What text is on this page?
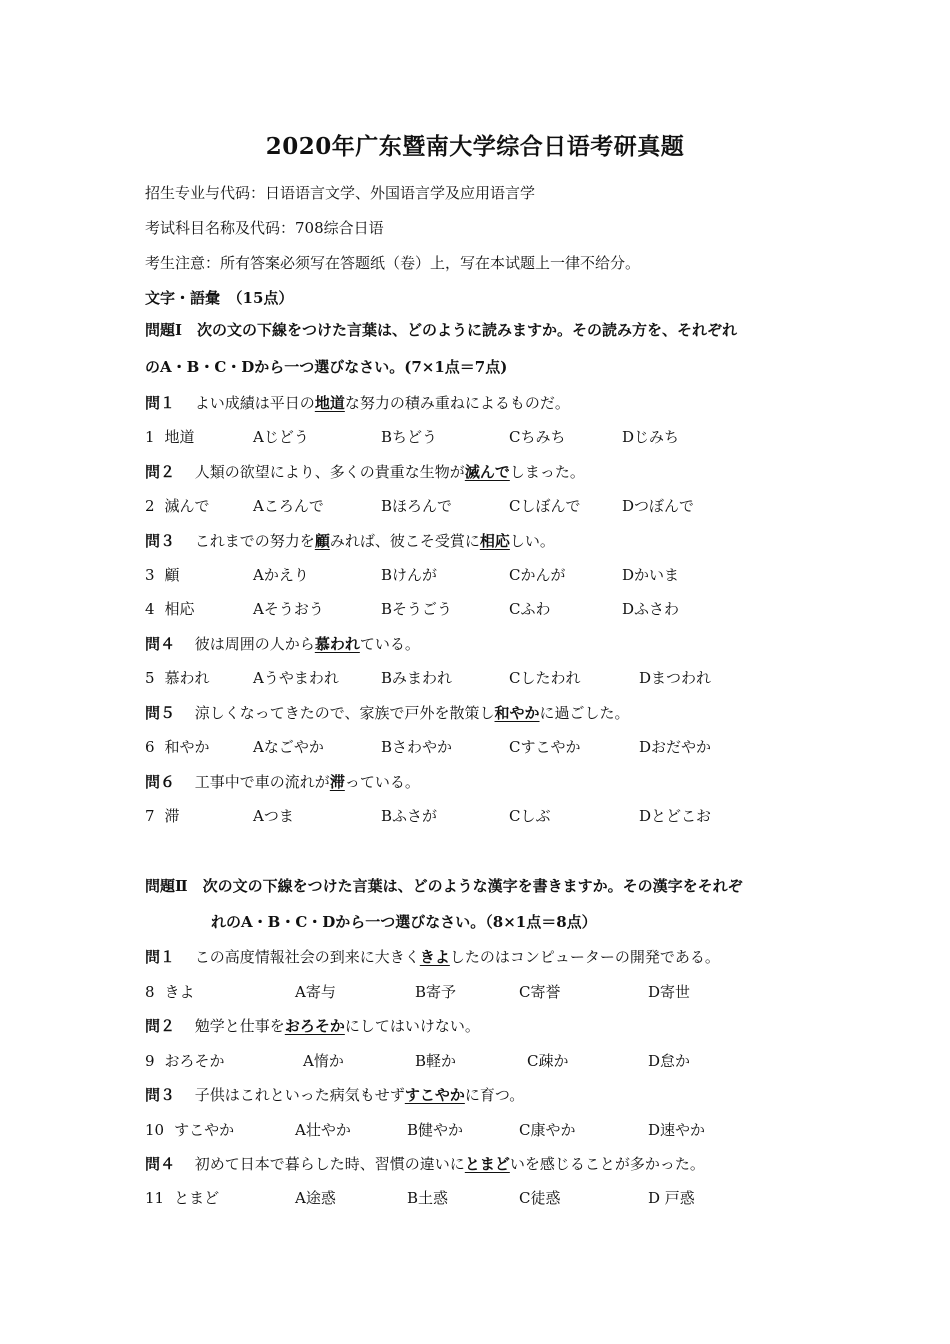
2020年广东暨南大学综合日语考研真题
招生专业与代码：日语语言文学、外国语言学及应用语言学
考试科目名称及代码：708综合日语
考生注意：所有答案必须写在答题纸（卷）上，写在本试题上一律不给分。
文字・語彙　（15点）
問題Ⅰ　次の文の下線をつけた言葉は、どのように読みますか。その読み方を、それぞれ
のA・B・C・Dから一つ選びなさい。(7×1点＝7点)
問１　 よい成績は平日の地道な努力の積み重ねによるものだ。
1 地道	Aじどう	Bちどう	Cちみち	Dじみち
問２　 人類の欲望により、多くの貴重な生物が滅んでしまった。
2 滅んで	Aころんで	Bほろんで	Cしぼんで	Dつぼんで
問３　 これまでの努力を顧みれば、彼こそ受賞に相応しい。
3 顧	Aかえり	Bけんが	Cかんが	Dかいま
4 相応	Aそうおう	Bそうごう	Cふわ	Dふさわ
問４　 彼は周囲の人から慕われている。
5 慕われ	Aうやまわれ	Bみまわれ	Cしたわれ	Dまつわれ
問５　 涼しくなってきたので、家族で戸外を散策し和やかに過ごした。
6 和やか	Aなごやか	Bさわやか	Cすこやか	Dおだやか
問６　 工事中で車の流れが滞っている。
7 滞	Aつま	Bふさが	Cしぶ	Dとどこお
問題Ⅱ　次の文の下線をつけた言葉は、どのような漢字を書きますか。その漢字をそれぞ
れのA・B・C・Dから一つ選びなさい。（8×1点＝8点）
問１　 この高度情報社会の到来に大きくきよしたのはコンピューターの開発である。
8 きよ	A寄与	B寄予	C寄誉	D寄世
問２　 勉学と仕事をおろそかにしてはいけない。
9 おろそか	A惰か	B軽か	C疎か	D怠か
問３　 子供はこれといった病気もせずすこやかに育つ。
10 すこやか	A壮やか	B健やか	C康やか	D速やか
問４　 初めて日本で暮らした時、習慣の違いにとまどいを感じることが多かった。
11 とまど	A途惑	B土惑	C徒惑	D 戸惑
